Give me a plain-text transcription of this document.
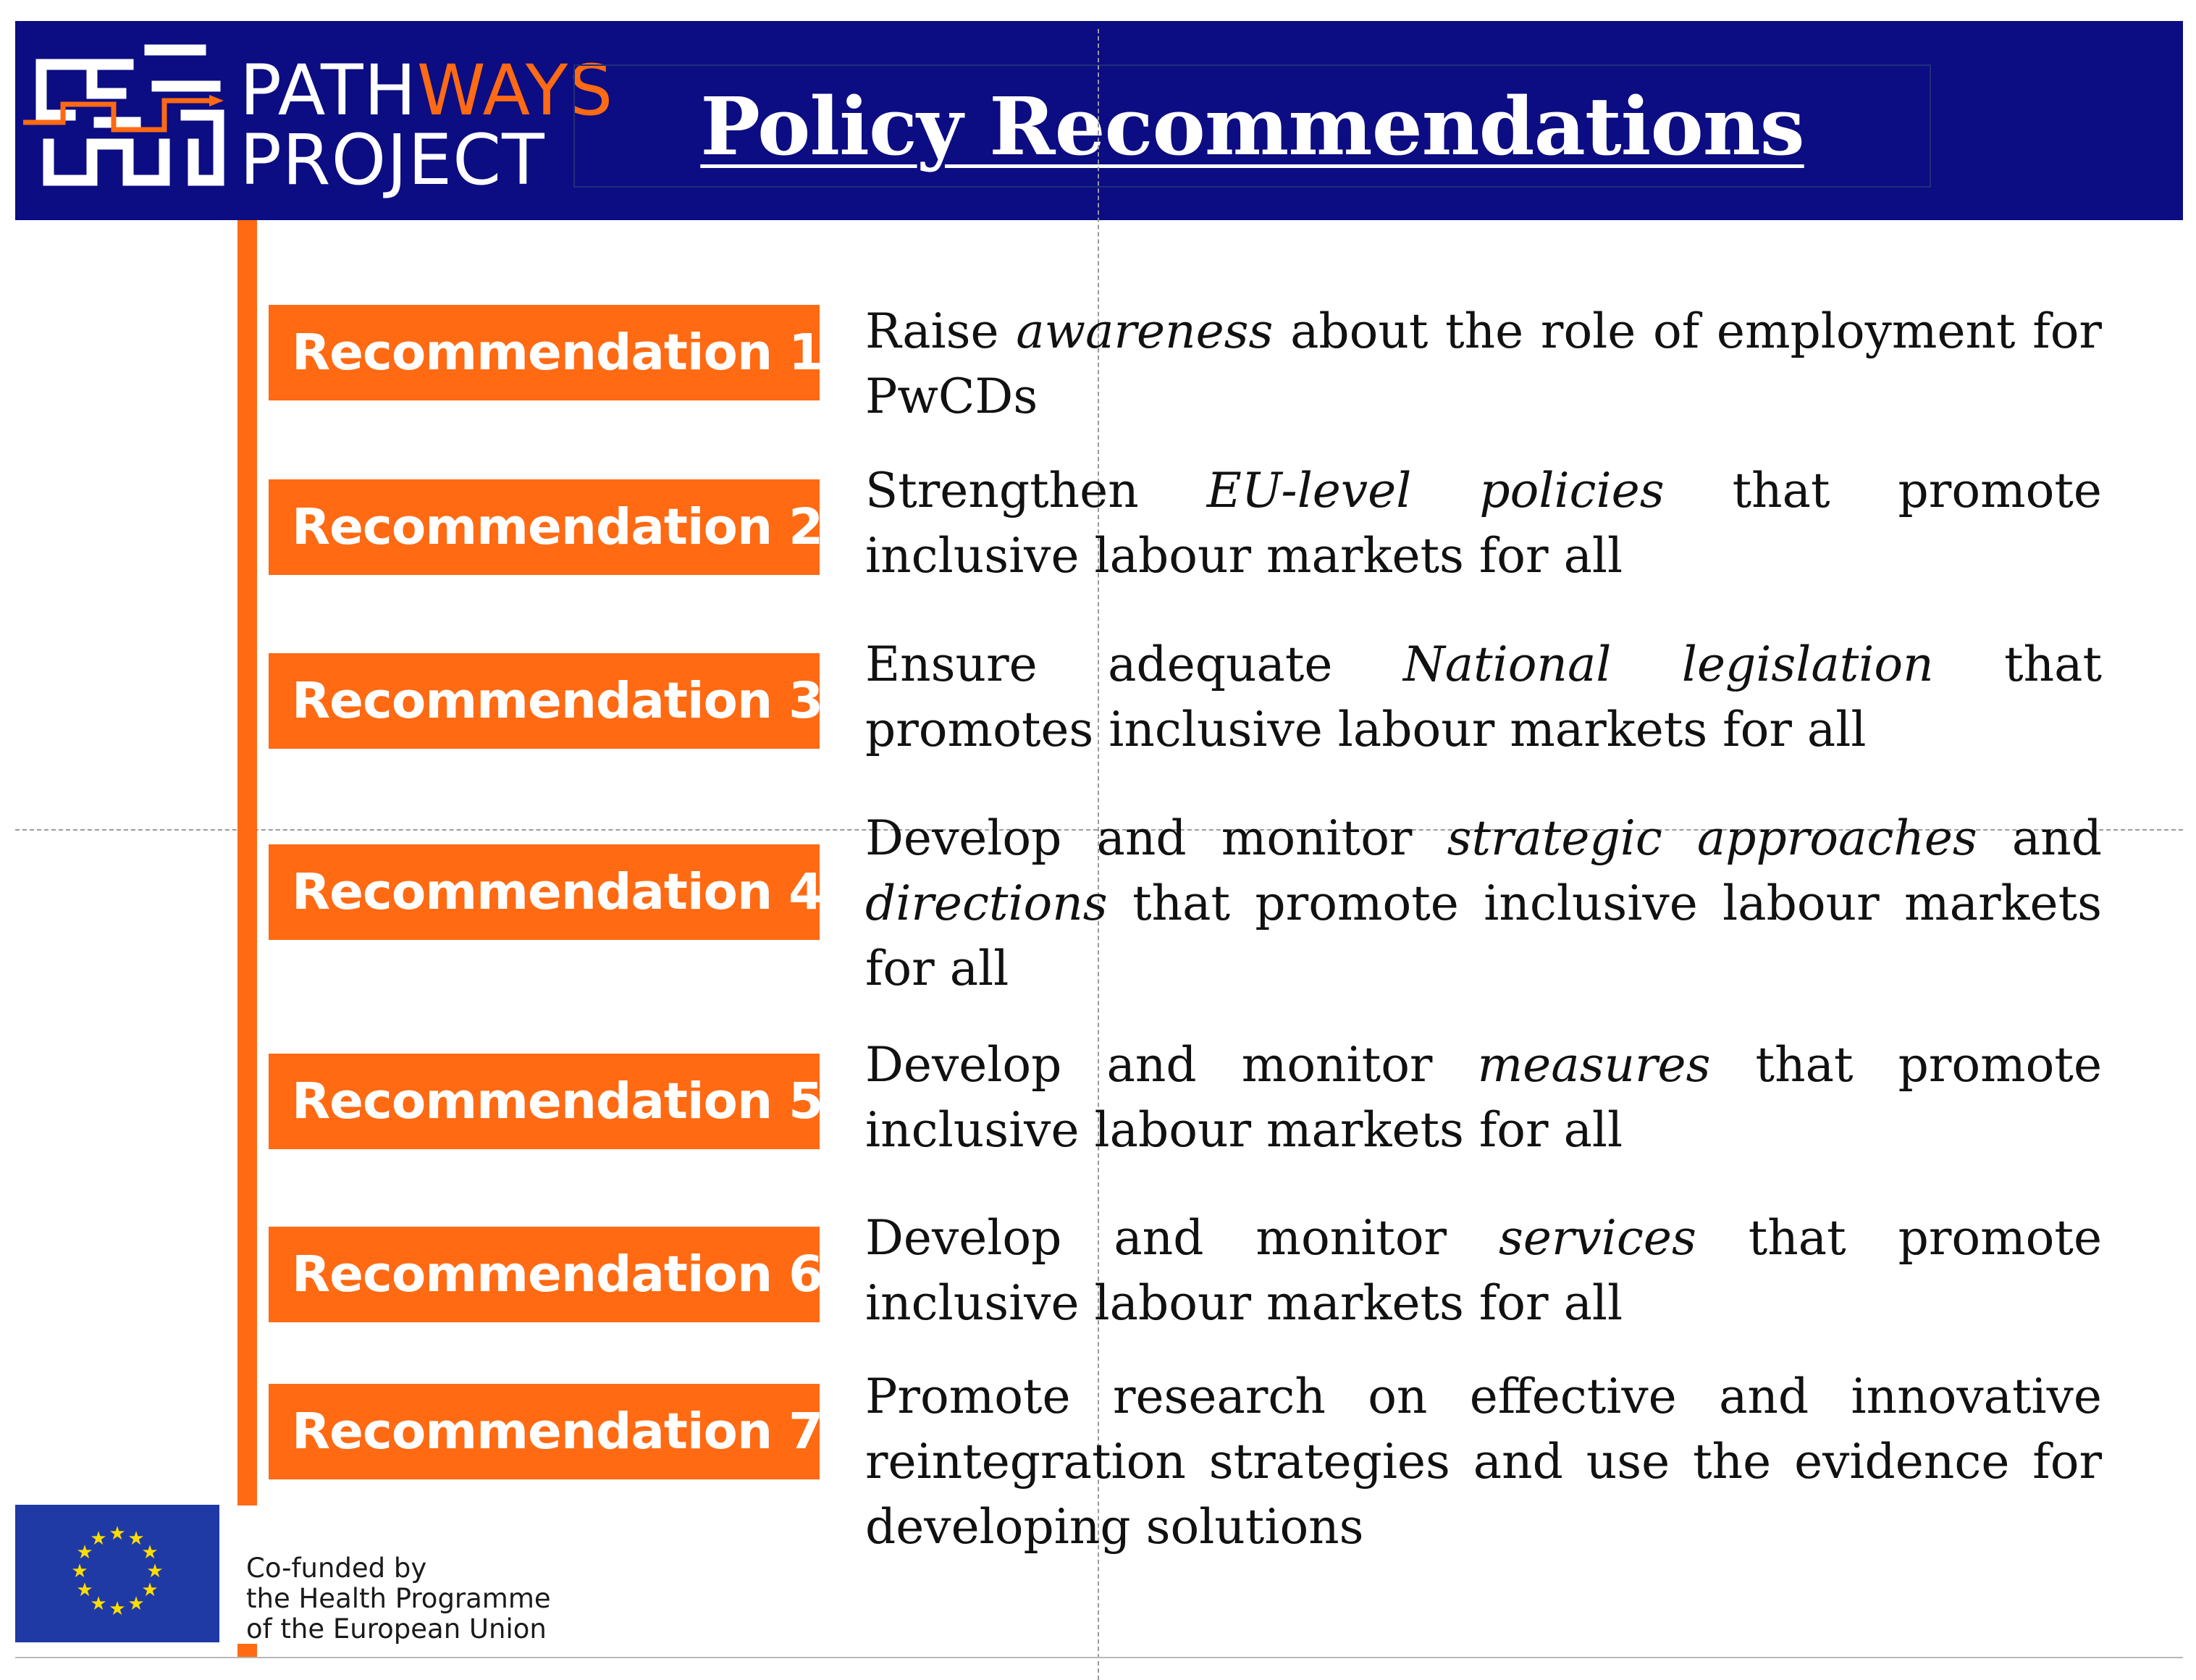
PATHWAYS
PROJECT	Policy Recommendations
Recommendation 1 Raise awareness about the role of employment for PwCDs

Recommendation 2

Strengthen EU-level policies that promote inclusive labour markets for all

Recommendation 3

Ensure adequate National legislation that promotes inclusive labour markets for all

Recommendation 4

Develop and monitor strategic approaches and directions that promote inclusive labour markets for all

Recommendation 5

Develop and monitor measures that promote inclusive labour markets for all

Recommendation 6

Develop and monitor services that promote inclusive labour markets for all

Recommendation 7

Promote research on effective and innovative reintegration strategies and use the evidence for developing solutions

★ ★
★
★
★
★
★
★
★
★
★
★
Co-funded by
the Health Programme
of the European Union
